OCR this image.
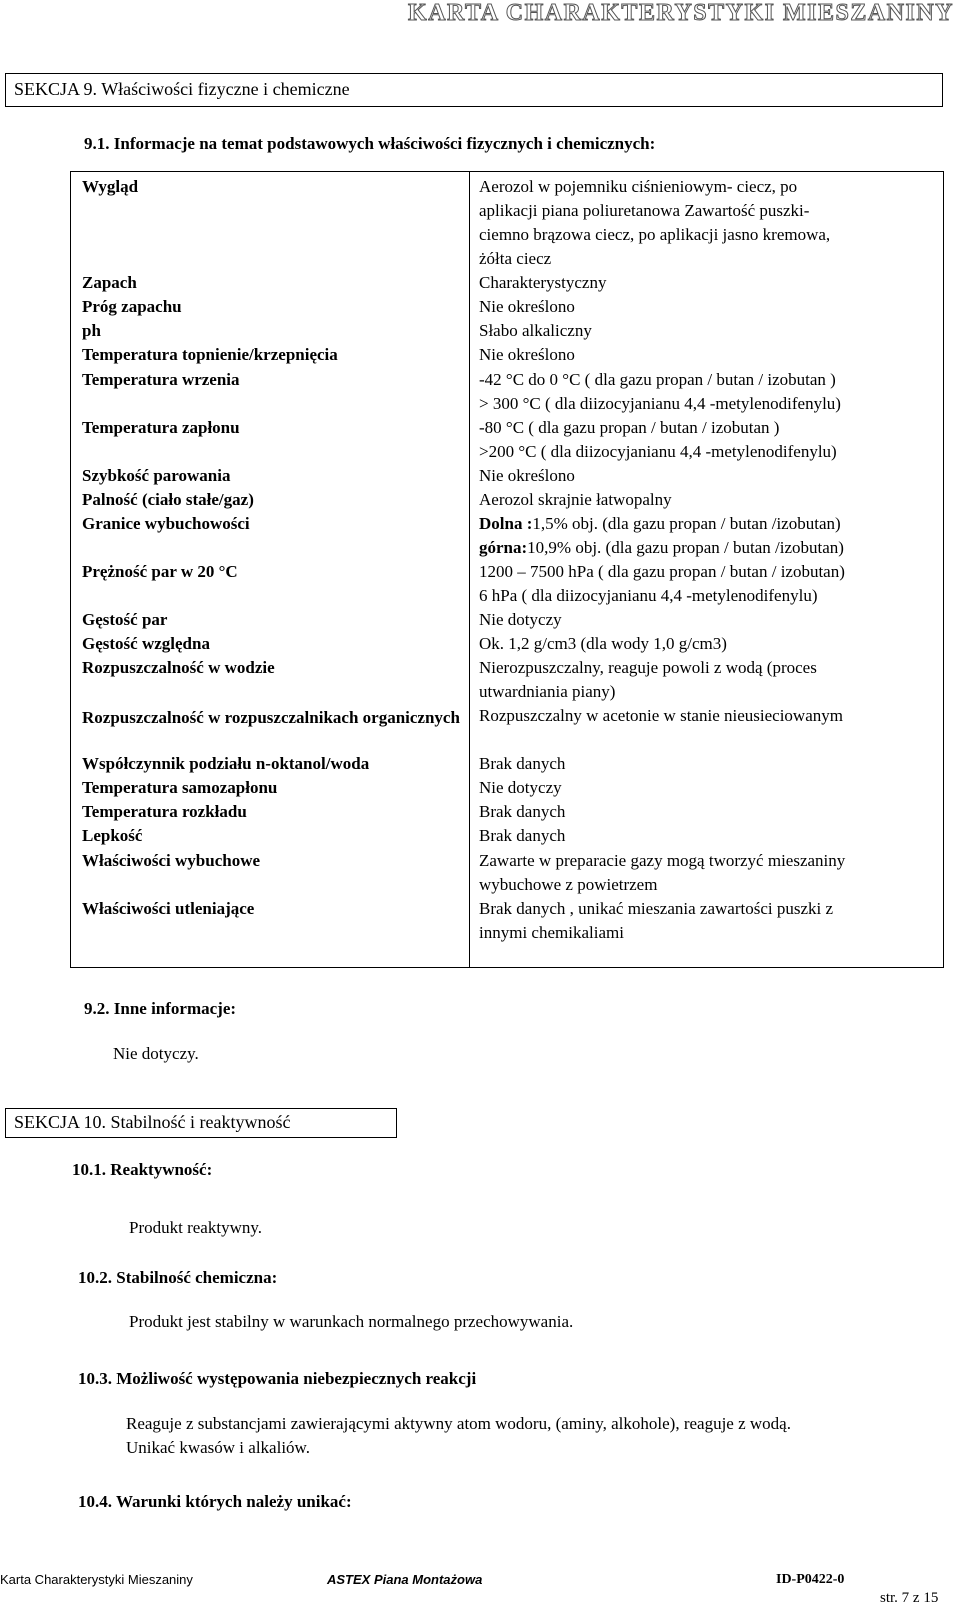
KARTA CHARAKTERYSTYKI MIESZANINY
SEKCJA 9. Właściwości fizyczne i chemiczne
9.1. Informacje na temat podstawowych właściwości fizycznych i chemicznych:
Wygląd
Zapach
Próg zapachu
ph
Temperatura topnienie/krzepnięcia
Temperatura wrzenia
Temperatura zapłonu
Szybkość parowania
Palność (ciało stałe/gaz)
Granice wybuchowości
Prężność par w 20 °C
Gęstość par
Gęstość względna
Rozpuszczalność w wodzie
Rozpuszczalność w rozpuszczalnikach organicznych
Współczynnik podziału n-oktanol/woda
Temperatura samozapłonu
Temperatura rozkładu
Lepkość
Właściwości wybuchowe
Właściwości utleniające
Aerozol w pojemniku ciśnieniowym- ciecz, po
aplikacji piana poliuretanowa Zawartość puszki-
ciemno brązowa ciecz, po aplikacji jasno kremowa,
żółta ciecz
Charakterystyczny
Nie określono
Słabo alkaliczny
Nie określono
-42 °C do 0 °C ( dla gazu propan / butan / izobutan )
> 300 °C ( dla diizocyjanianu 4,4 -metylenodifenylu)
-80 °C ( dla gazu propan / butan / izobutan )
>200 °C ( dla diizocyjanianu 4,4 -metylenodifenylu)
Nie określono
Aerozol skrajnie łatwopalny
Dolna :1,5% obj. (dla gazu propan / butan /izobutan)
górna:10,9% obj. (dla gazu propan / butan /izobutan)
1200 – 7500 hPa ( dla gazu propan / butan / izobutan)
6 hPa ( dla diizocyjanianu 4,4 -metylenodifenylu)
Nie dotyczy
Ok. 1,2 g/cm3 (dla wody 1,0 g/cm3)
Nierozpuszczalny, reaguje powoli z wodą (proces
utwardniania piany)
Rozpuszczalny w acetonie w stanie nieusieciowanym
Brak danych
Nie dotyczy
Brak danych
Brak danych
Zawarte w preparacie gazy mogą tworzyć mieszaniny
wybuchowe z powietrzem
Brak danych , unikać mieszania zawartości puszki z
innymi chemikaliami
9.2. Inne informacje:
Nie dotyczy.
SEKCJA 10. Stabilność i reaktywność
10.1. Reaktywność:
Produkt reaktywny.
10.2. Stabilność chemiczna:
Produkt jest stabilny w warunkach normalnego przechowywania.
10.3. Możliwość występowania niebezpiecznych reakcji
Reaguje z substancjami zawierającymi aktywny atom wodoru, (aminy, alkohole), reaguje z wodą.
Unikać kwasów i alkaliów.
10.4. Warunki których należy unikać:
Karta Charakterystyki Mieszaniny	ASTEX Piana Montażowa	ID-P0422-0
str. 7 z 15
